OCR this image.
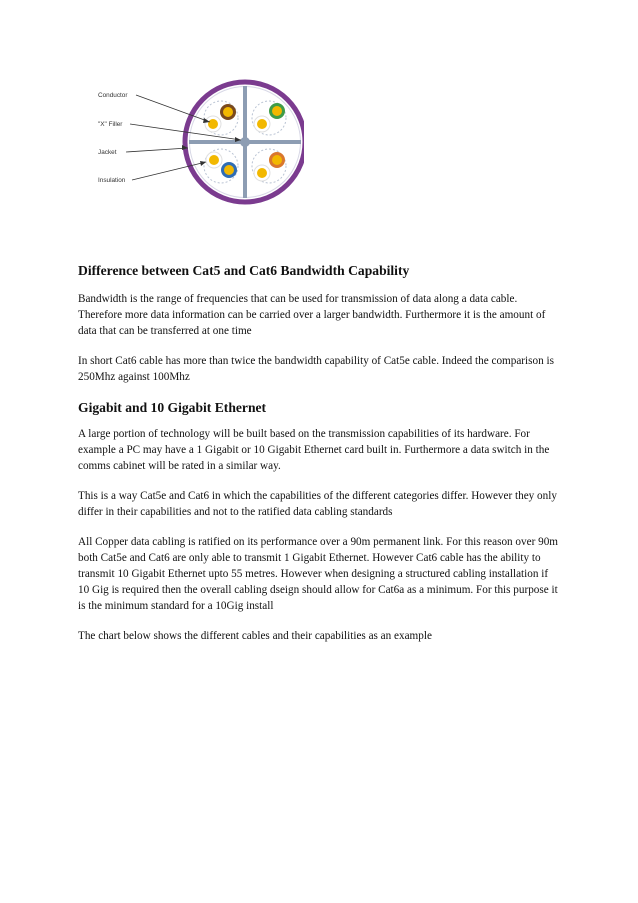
Conductor
"X" Filler
Jacket
Insulation
Difference between Cat5 and Cat6 Bandwidth Capability

Bandwidth is the range of frequencies that can be used for transmission of data along a data cable. Therefore more data information can be carried over a larger bandwidth. Furthermore it is the amount of data that can be transferred at one time

In short Cat6 cable has more than twice the bandwidth capability of Cat5e cable. Indeed the comparison is 250Mhz against 100Mhz

Gigabit and 10 Gigabit Ethernet

A large portion of technology will be built based on the transmission capabilities of its hardware. For example a PC may have a 1 Gigabit or 10 Gigabit Ethernet card built in. Furthermore a data switch in the comms cabinet will be rated in a similar way.

This is a way Cat5e and Cat6 in which the capabilities of the different categories differ. However they only differ in their capabilities and not to the ratified data cabling standards

All Copper data cabling is ratified on its performance over a 90m permanent link. For this reason over 90m both Cat5e and Cat6 are only able to transmit 1 Gigabit Ethernet. However Cat6 cable has the ability to transmit 10 Gigabit Ethernet upto 55 metres. However when designing a structured cabling installation if 10 Gig is required then the overall cabling dseign should allow for Cat6a as a minimum. For this purpose it is the minimum standard for a 10Gig install

The chart below shows the different cables and their capabilities as an example
